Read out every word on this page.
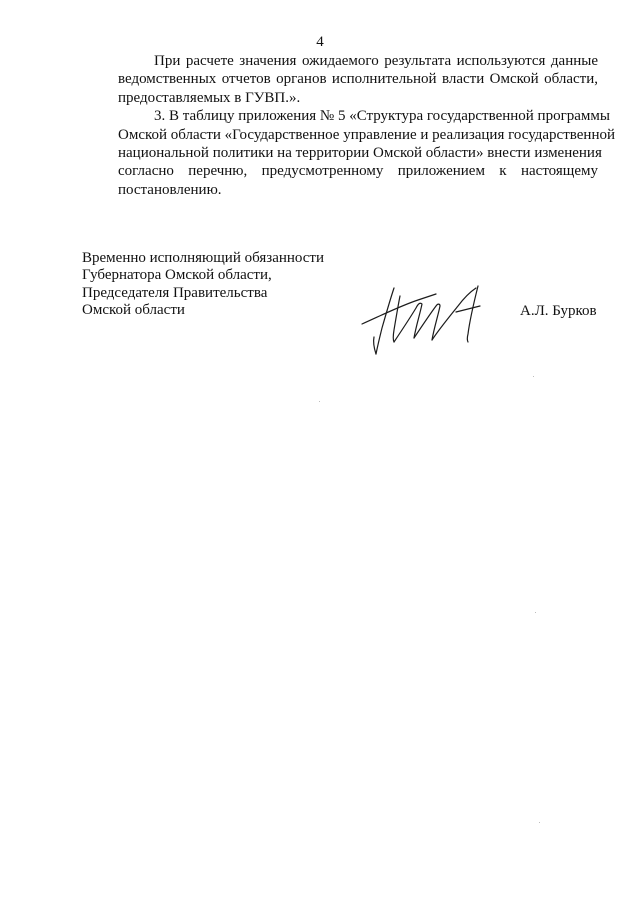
4

При расчете значения ожидаемого результата используются данные
ведомственных отчетов органов исполнительной власти Омской области,
предоставляемых в ГУВП.».

3. В таблицу приложения № 5 «Структура государственной программы
Омской области «Государственное управление и реализация государственной
национальной политики на территории Омской области» внести изменения
согласно перечню, предусмотренному приложением к настоящему
постановлению.

Временно исполняющий обязанности
Губернатора Омской области,
Председателя Правительства
Омской области	А.Л. Бурков
